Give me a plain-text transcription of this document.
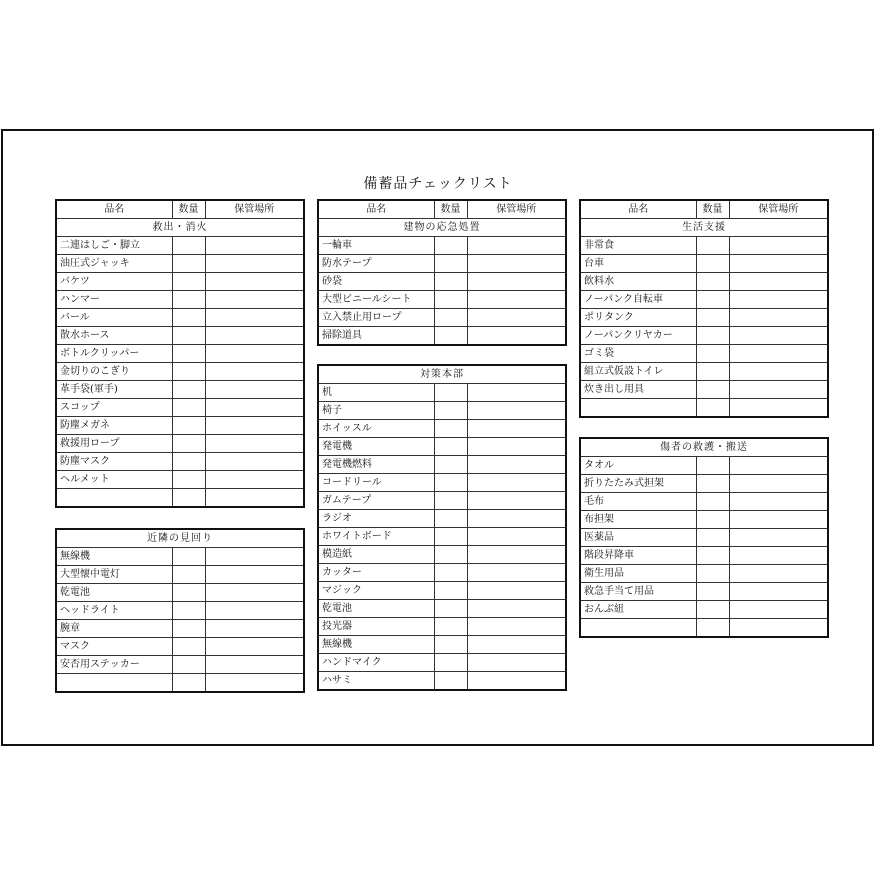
備蓄品チェックリスト
品名	数量	保管場所
救出・消火		
二連はしご・脚立		
油圧式ジャッキ		
バケツ		
ハンマー		
バール		
散水ホース		
ボトルクリッパー		
金切りのこぎり		
革手袋(軍手)		
スコップ		
防塵メガネ		
救援用ロープ		
防塵マスク		
ヘルメット		

近隣の見回り		
無線機		
大型懐中電灯		
乾電池		
ヘッドライト		
腕章		
マスク		
安否用ステッカー		

品名	数量	保管場所
建物の応急処置		
一輪車		
防水テープ		
砂袋		
大型ビニールシート		
立入禁止用ロープ		
掃除道具		
対策本部		
机		
椅子		
ホイッスル		
発電機		
発電機燃料		
コードリール		
ガムテープ		
ラジオ		
ホワイトボード		
模造紙		
カッター		
マジック		
乾電池		
投光器		
無線機		
ハンドマイク		
ハサミ		
品名	数量	保管場所
生活支援		
非常食		
台車		
飲料水		
ノーパンク自転車		
ポリタンク		
ノーパンクリヤカー		
ゴミ袋		
組立式仮設トイレ		
炊き出し用具		

傷者の救護・搬送		
タオル		
折りたたみ式担架		
毛布		
布担架		
医薬品		
階段昇降車		
衛生用品		
救急手当て用品		
おんぶ紐		
